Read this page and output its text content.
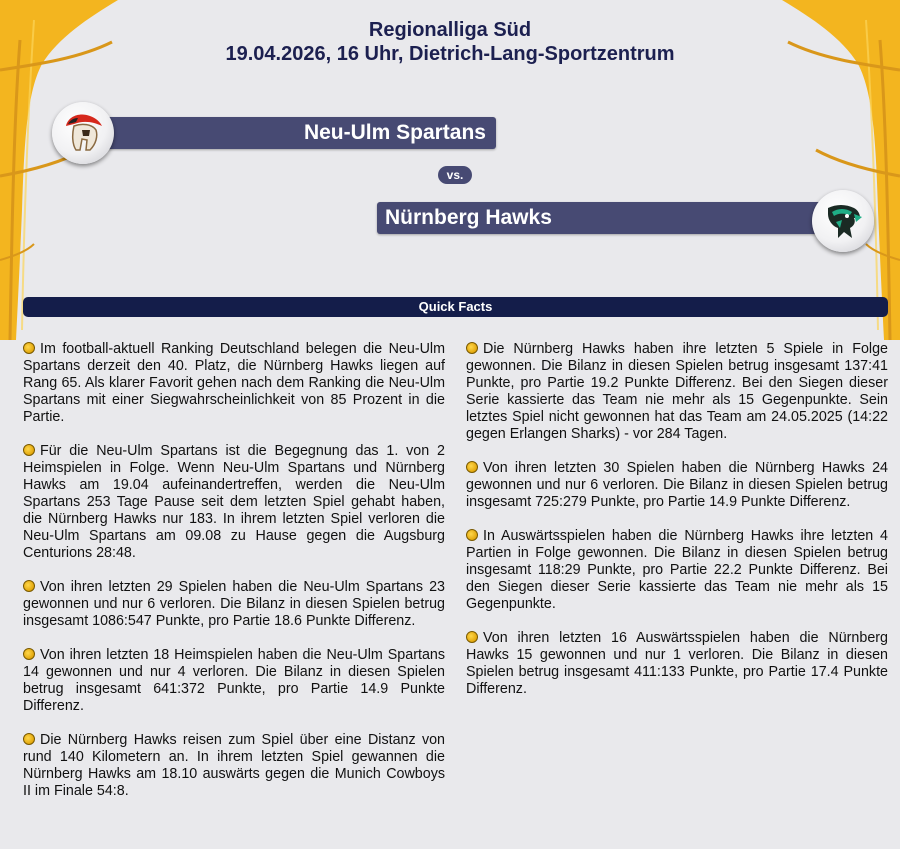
Regionalliga Süd
19.04.2026, 16 Uhr, Dietrich-Lang-Sportzentrum
Neu-Ulm Spartans
vs.
Nürnberg Hawks
Quick Facts

Im football-aktuell Ranking Deutschland belegen die Neu-Ulm Spartans derzeit den 40. Platz, die Nürnberg Hawks liegen auf Rang 65. Als klarer Favorit gehen nach dem Ranking die Neu-Ulm Spartans mit einer Siegwahrscheinlichkeit von 85 Prozent in die Partie.

Für die Neu-Ulm Spartans ist die Begegnung das 1. von 2 Heimspielen in Folge. Wenn Neu-Ulm Spartans und Nürnberg Hawks am 19.04 aufeinandertreffen, werden die Neu-Ulm Spartans 253 Tage Pause seit dem letzten Spiel gehabt haben, die Nürnberg Hawks nur 183. In ihrem letzten Spiel verloren die Neu-Ulm Spartans am 09.08 zu Hause gegen die Augsburg Centurions 28:48.

Von ihren letzten 29 Spielen haben die Neu-Ulm Spartans 23 gewonnen und nur 6 verloren. Die Bilanz in diesen Spielen betrug insgesamt 1086:547 Punkte, pro Partie 18.6 Punkte Differenz.

Von ihren letzten 18 Heimspielen haben die Neu-Ulm Spartans 14 gewonnen und nur 4 verloren. Die Bilanz in diesen Spielen betrug insgesamt 641:372 Punkte, pro Partie 14.9 Punkte Differenz.

Die Nürnberg Hawks reisen zum Spiel über eine Distanz von rund 140 Kilometern an. In ihrem letzten Spiel gewannen die Nürnberg Hawks am 18.10 auswärts gegen die Munich Cowboys II im Finale 54:8.

Die Nürnberg Hawks haben ihre letzten 5 Spiele in Folge gewonnen. Die Bilanz in diesen Spielen betrug insgesamt 137:41 Punkte, pro Partie 19.2 Punkte Differenz. Bei den Siegen dieser Serie kassierte das Team nie mehr als 15 Gegenpunkte. Sein letztes Spiel nicht gewonnen hat das Team am 24.05.2025 (14:22 gegen Erlangen Sharks) - vor 284 Tagen.

Von ihren letzten 30 Spielen haben die Nürnberg Hawks 24 gewonnen und nur 6 verloren. Die Bilanz in diesen Spielen betrug insgesamt 725:279 Punkte, pro Partie 14.9 Punkte Differenz.

In Auswärtsspielen haben die Nürnberg Hawks ihre letzten 4 Partien in Folge gewonnen. Die Bilanz in diesen Spielen betrug insgesamt 118:29 Punkte, pro Partie 22.2 Punkte Differenz. Bei den Siegen dieser Serie kassierte das Team nie mehr als 15 Gegenpunkte.

Von ihren letzten 16 Auswärtsspielen haben die Nürnberg Hawks 15 gewonnen und nur 1 verloren. Die Bilanz in diesen Spielen betrug insgesamt 411:133 Punkte, pro Partie 17.4 Punkte Differenz.
